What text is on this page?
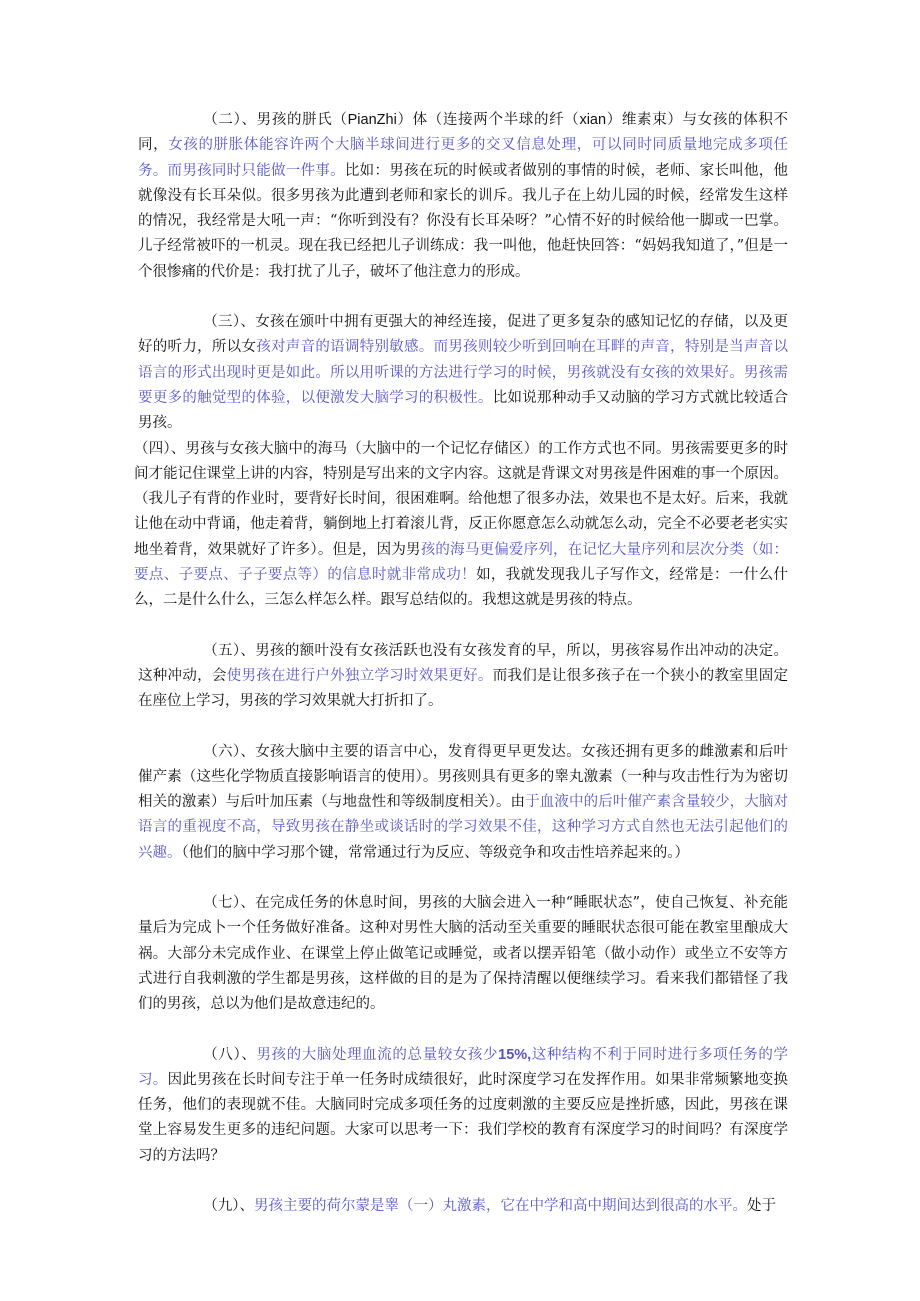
（二）、男孩的胼氏（PianZhi）体（连接两个半球的纤（xian）维素束）与女孩的体积不同，女孩的胼胀体能容许两个大脑半球间进行更多的交叉信息处理，可以同时同质量地完成多项任务。而男孩同时只能做一件事。比如：男孩在玩的时候或者做别的事情的时候，老师、家长叫他，他就像没有长耳朵似。很多男孩为此遭到老师和家长的训斥。我儿子在上幼儿园的时候，经常发生这样的情况，我经常是大吼一声：“你听到没有？你没有长耳朵呀？”心情不好的时候给他一脚或一巴掌。儿子经常被吓的一机灵。现在我已经把儿子训练成：我一叫他，他赶快回答：“妈妈我知道了，”但是一个很惨痛的代价是：我打扰了儿子，破坏了他注意力的形成。

（三）、女孩在颁叶中拥有更强大的神经连接，促进了更多复杂的感知记忆的存储，以及更好的听力，所以女孩对声音的语调特别敏感。而男孩则较少听到回响在耳畔的声音，特别是当声音以语言的形式出现时更是如此。所以用听课的方法进行学习的时候，男孩就没有女孩的效果好。男孩需要更多的触觉型的体验，以便激发大脑学习的积极性。比如说那种动手又动脑的学习方式就比较适合男孩。

（四）、男孩与女孩大脑中的海马（大脑中的一个记忆存储区）的工作方式也不同。男孩需要更多的时间才能记住课堂上讲的内容，特别是写出来的文字内容。这就是背课文对男孩是件困难的事一个原因。（我儿子有背的作业时，要背好长时间，很困难啊。给他想了很多办法，效果也不是太好。后来，我就让他在动中背诵，他走着背，躺倒地上打着滚儿背，反正你愿意怎么动就怎么动，完全不必要老老实实地坐着背，效果就好了许多）。但是，因为男孩的海马更偏爱序列，在记忆大量序列和层次分类（如：要点、子要点、子子要点等）的信息时就非常成功！如，我就发现我儿子写作文，经常是：一什么什么，二是什么什么，三怎么样怎么样。跟写总结似的。我想这就是男孩的特点。

（五）、男孩的额叶没有女孩活跃也没有女孩发育的早，所以，男孩容易作出冲动的决定。这种冲动，会使男孩在进行户外独立学习时效果更好。而我们是让很多孩子在一个狭小的教室里固定在座位上学习，男孩的学习效果就大打折扣了。

（六）、女孩大脑中主要的语言中心，发育得更早更发达。女孩还拥有更多的雌激素和后叶催产素（这些化学物质直接影响语言的使用）。男孩则具有更多的睾丸激素（一种与攻击性行为为密切相关的激素）与后叶加压素（与地盘性和等级制度相关）。由于血液中的后叶催产素含量较少，大脑对语言的重视度不高，导致男孩在静坐或谈话时的学习效果不佳，这种学习方式自然也无法引起他们的兴趣。（他们的脑中学习那个键，常常通过行为反应、等级竞争和攻击性培养起来的。）

（七）、在完成任务的休息时间，男孩的大脑会进入一种“睡眠状态”，使自己恢复、补充能量后为完成卜一个任务做好准备。这种对男性大脑的活动至关重要的睡眠状态很可能在教室里酿成大祸。大部分未完成作业、在课堂上停止做笔记或睡觉，或者以摆弄铅笔（做小动作）或坐立不安等方式进行自我刺激的学生都是男孩，这样做的目的是为了保持清醒以便继续学习。看来我们都错怪了我们的男孩，总以为他们是故意违纪的。

（八）、男孩的大脑处理血流的总量较女孩少15%,这种结构不利于同时进行多项任务的学习。因此男孩在长时间专注于单一任务时成绩很好，此时深度学习在发挥作用。如果非常频繁地变换任务，他们的表现就不佳。大脑同时完成多项任务的过度刺激的主要反应是挫折感，因此，男孩在课堂上容易发生更多的违纪问题。大家可以思考一下：我们学校的教育有深度学习的时间吗？有深度学习的方法吗？

（九）、男孩主要的荷尔蒙是睾（一）丸激素，它在中学和高中期间达到很高的水平。处于
